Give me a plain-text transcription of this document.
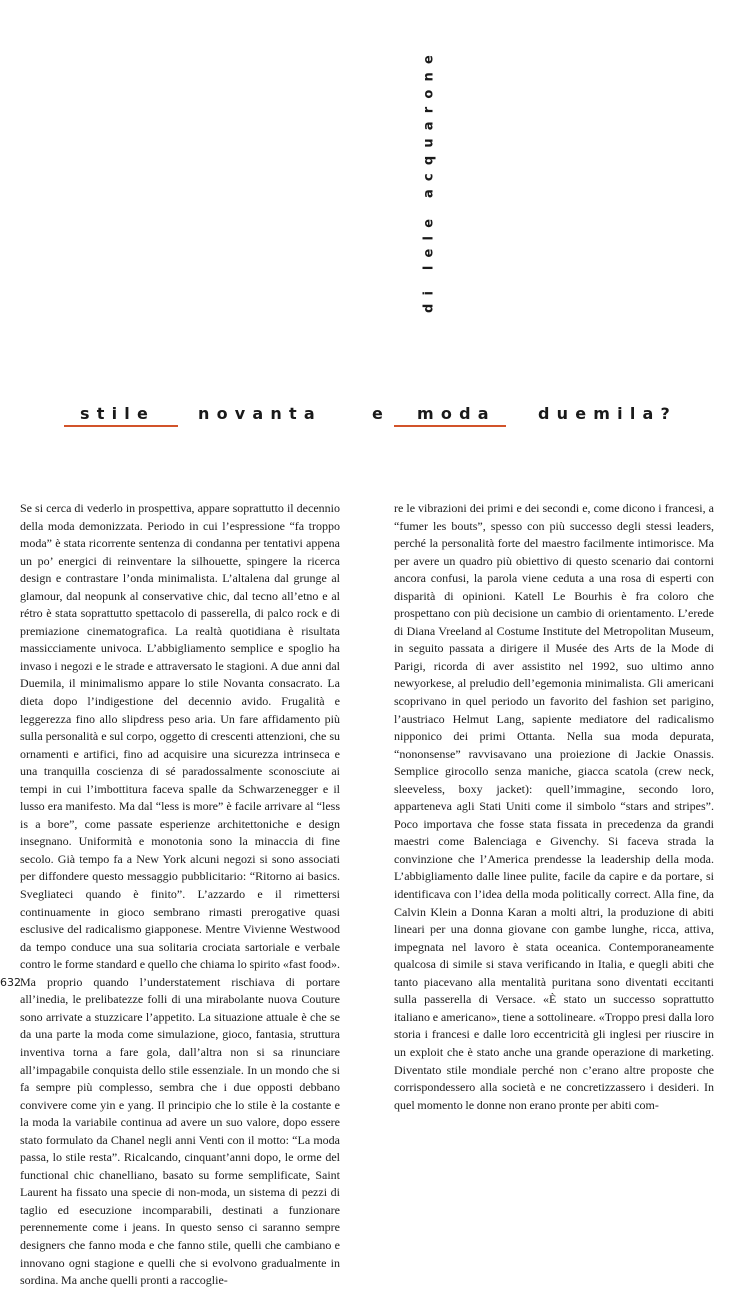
di lele acquarone
stile	novanta	e moda	duemila?

Se si cerca di vederlo in prospettiva, appare soprattutto il decennio della moda demonizzata. Periodo in cui l’espressione “fa troppo moda” è stata ricorrente sentenza di condanna per tentativi appena un po’ energici di reinventare la silhouette, spingere la ricerca design e contrastare l’onda minimalista. L’altalena dal grunge al glamour, dal neopunk al conservative chic, dal tecno all’etno e al rétro è stata soprattutto spettacolo di passerella, di palco rock e di premiazione cinematografica. La realtà quotidiana è risultata massicciamente univoca. L’abbigliamento semplice e spoglio ha invaso i negozi e le strade e attraversato le stagioni. A due anni dal Duemila, il minimalismo appare lo stile Novanta consacrato. La dieta dopo l’indigestione del decennio avido. Frugalità e leggerezza fino allo slipdress peso aria. Un fare affidamento più sulla personalità e sul corpo, oggetto di crescenti attenzioni, che su ornamenti e artifici, fino ad acquisire una sicurezza intrinseca e una tranquilla coscienza di sé paradossalmente sconosciute ai tempi in cui l’imbottitura faceva spalle da Schwarzenegger e il lusso era manifesto. Ma dal “less is more” è facile arrivare al “less is a bore”, come passate esperienze architettoniche e design insegnano. Uniformità e monotonia sono la minaccia di fine secolo. Già tempo fa a New York alcuni negozi si sono associati per diffondere questo messaggio pubblicitario: “Ritorno ai basics. Svegliateci quando è finito”. L’azzardo e il rimettersi continuamente in gioco sembrano rimasti prerogative quasi esclusive del radicalismo giapponese. Mentre Vivienne Westwood da tempo conduce una sua solitaria crociata sartoriale e verbale contro le forme standard e quello che chiama lo spirito «fast food». Ma proprio quando l’understatement rischiava di portare all’inedia, le prelibatezze folli di una mirabolante nuova Couture sono arrivate a stuzzicare l’appetito. La situazione attuale è che se da una parte la moda come simulazione, gioco, fantasia, struttura inventiva torna a fare gola, dall’altra non si sa rinunciare all’impagabile conquista dello stile essenziale. In un mondo che si fa sempre più complesso, sembra che i due opposti debbano convivere come yin e yang. Il principio che lo stile è la costante e la moda la variabile continua ad avere un suo valore, dopo essere stato formulato da Chanel negli anni Venti con il motto: “La moda passa, lo stile resta”. Ricalcando, cinquant’anni dopo, le orme del functional chic chanelliano, basato su forme semplificate, Saint Laurent ha fissato una specie di non-moda, un sistema di pezzi di taglio ed esecuzione incomparabili, destinati a funzionare perennemente come i jeans. In questo senso ci saranno sempre designers che fanno moda e che fanno stile, quelli che cambiano e innovano ogni stagione e quelli che si evolvono gradualmente in sordina. Ma anche quelli pronti a raccoglie-

re le vibrazioni dei primi e dei secondi e, come dicono i francesi, a “fumer les bouts”, spesso con più successo degli stessi leaders, perché la personalità forte del maestro facilmente intimorisce. Ma per avere un quadro più obiettivo di questo scenario dai contorni ancora confusi, la parola viene ceduta a una rosa di esperti con disparità di opinioni. Katell Le Bourhis è fra coloro che prospettano con più decisione un cambio di orientamento. L’erede di Diana Vreeland al Costume Institute del Metropolitan Museum, in seguito passata a dirigere il Musée des Arts de la Mode di Parigi, ricorda di aver assistito nel 1992, suo ultimo anno newyorkese, al preludio dell’egemonia minimalista. Gli americani scoprivano in quel periodo un favorito del fashion set parigino, l’austriaco Helmut Lang, sapiente mediatore del radicalismo nipponico dei primi Ottanta. Nella sua moda depurata, “nononsense” ravvisavano una proiezione di Jackie Onassis. Semplice girocollo senza maniche, giacca scatola (crew neck, sleeveless, boxy jacket): quell’immagine, secondo loro, apparteneva agli Stati Uniti come il simbolo “stars and stripes”. Poco importava che fosse stata fissata in precedenza da grandi maestri come Balenciaga e Givenchy. Si faceva strada la convinzione che l’America prendesse la leadership della moda. L’abbigliamento dalle linee pulite, facile da capire e da portare, si identificava con l’idea della moda politically correct. Alla fine, da Calvin Klein a Donna Karan a molti altri, la produzione di abiti lineari per una donna giovane con gambe lunghe, ricca, attiva, impegnata nel lavoro è stata oceanica. Contemporaneamente qualcosa di simile si stava verificando in Italia, e quegli abiti che tanto piacevano alla mentalità puritana sono diventati eccitanti sulla passerella di Versace. «È stato un successo soprattutto italiano e americano», tiene a sottolineare. «Troppo presi dalla loro storia i francesi e dalle loro eccentricità gli inglesi per riuscire in un exploit che è stato anche una grande operazione di marketing. Diventato stile mondiale perché non c’erano altre proposte che corrispondessero alla società e ne concretizzassero i desideri. In quel momento le donne non erano pronte per abiti com-

632
